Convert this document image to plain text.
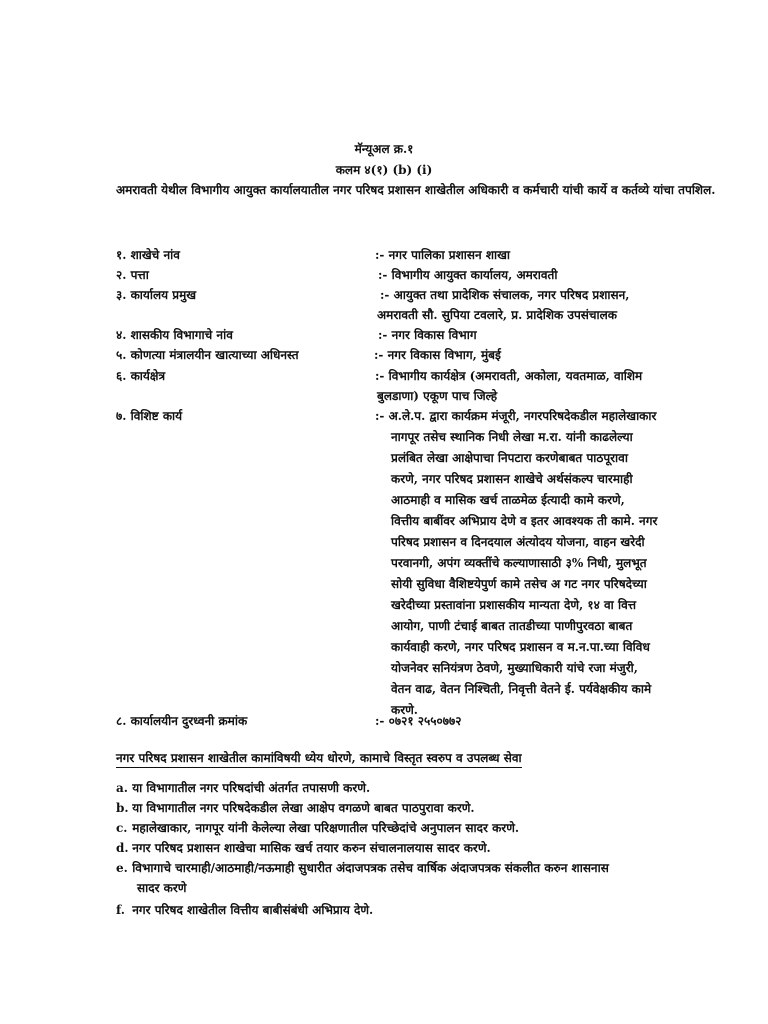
मॅन्यूअल क्र.१
कलम ४(१) (b) (i)
अमरावती येथील विभागीय आयुक्त कार्यालयातील नगर परिषद प्रशासन शाखेतील अधिकारी व कर्मचारी यांची कार्ये व कर्तव्ये यांचा तपशिल.
१. शाखेचे नांव	:- नगर पालिका प्रशासन शाखा
२. पत्ता	:- विभागीय आयुक्त कार्यालय, अमरावती
३. कार्यालय प्रमुख	:- आयुक्त तथा प्रादेशिक संचालक, नगर परिषद प्रशासन,
अमरावती सौ. सुपिया टवलारे, प्र. प्रादेशिक उपसंचालक
४. शासकीय विभागाचे नांव	:- नगर विकास विभाग
५. कोणत्या मंत्रालयीन खात्याच्या अधिनस्त	:- नगर विकास विभाग, मुंबई
६. कार्यक्षेत्र	:- विभागीय कार्यक्षेत्र (अमरावती, अकोला, यवतमाळ, वाशिम
बुलडाणा) एकूण पाच जिल्हे
७. विशिष्ट कार्य	:- अ.ले.प. द्वारा कार्यक्रम मंजूरी, नगरपरिषदेकडील महालेखाकार
नागपूर तसेच स्थानिक निधी लेखा म.रा. यांनी काढलेल्या
प्रलंबित लेखा आक्षेपाचा निपटारा करणेबाबत पाठपूरावा
करणे, नगर परिषद प्रशासन शाखेचे अर्थसंकल्प चारमाही
आठमाही व मासिक खर्च ताळमेळ ईत्यादी कामे करणे,
वित्तीय बाबींवर अभिप्राय देणे व इतर आवश्यक ती कामे. नगर
परिषद प्रशासन व दिनदयाल अंत्योदय योजना, वाहन खरेदी
परवानगी, अपंग व्यक्तींचे कल्याणासाठी ३% निधी, मुलभूत
सोयी सुविधा वैशिष्टयेपुर्ण कामे तसेच अ गट नगर परिषदेच्या
खरेदीच्या प्रस्तावांना प्रशासकीय मान्यता देणे, १४ वा वित्त
आयोग, पाणी टंचाई बाबत तातडीच्या पाणीपुरवठा बाबत
कार्यवाही करणे, नगर परिषद प्रशासन व म.न.पा.च्या विविध
योजनेवर सनियंत्रण ठेवणे, मुख्याधिकारी यांचे रजा मंजुरी,
वेतन वाढ, वेतन निश्चिती, निवृत्ती वेतने ई. पर्यवेक्षकीय कामे
करणे.
८. कार्यालयीन दुरध्वनी क्रमांक	:- ०७२१ २५५०७७२
नगर परिषद प्रशासन शाखेतील कामांविषयी ध्येय धोरणे, कामाचे विस्तृत स्वरुप व उपलब्ध सेवा
a. या विभागातील नगर परिषदांची अंतर्गत तपासणी करणे.
b. या विभागातील नगर परिषदेकडील लेखा आक्षेप वगळणे बाबत पाठपुरावा करणे.
c. महालेखाकार, नागपूर यांनी केलेल्या लेखा परिक्षणातील परिच्छेदांचे अनुपालन सादर करणे.
d. नगर परिषद प्रशासन शाखेचा मासिक खर्च तयार करुन संचालनालयास सादर करणे.
e. विभागाचे चारमाही/आठमाही/नऊमाही सुधारीत अंदाजपत्रक तसेच वार्षिक अंदाजपत्रक संकलीत करुन शासनास
सादर करणे
f. नगर परिषद शाखेतील वित्तीय बाबीसंबंधी अभिप्राय देणे.
